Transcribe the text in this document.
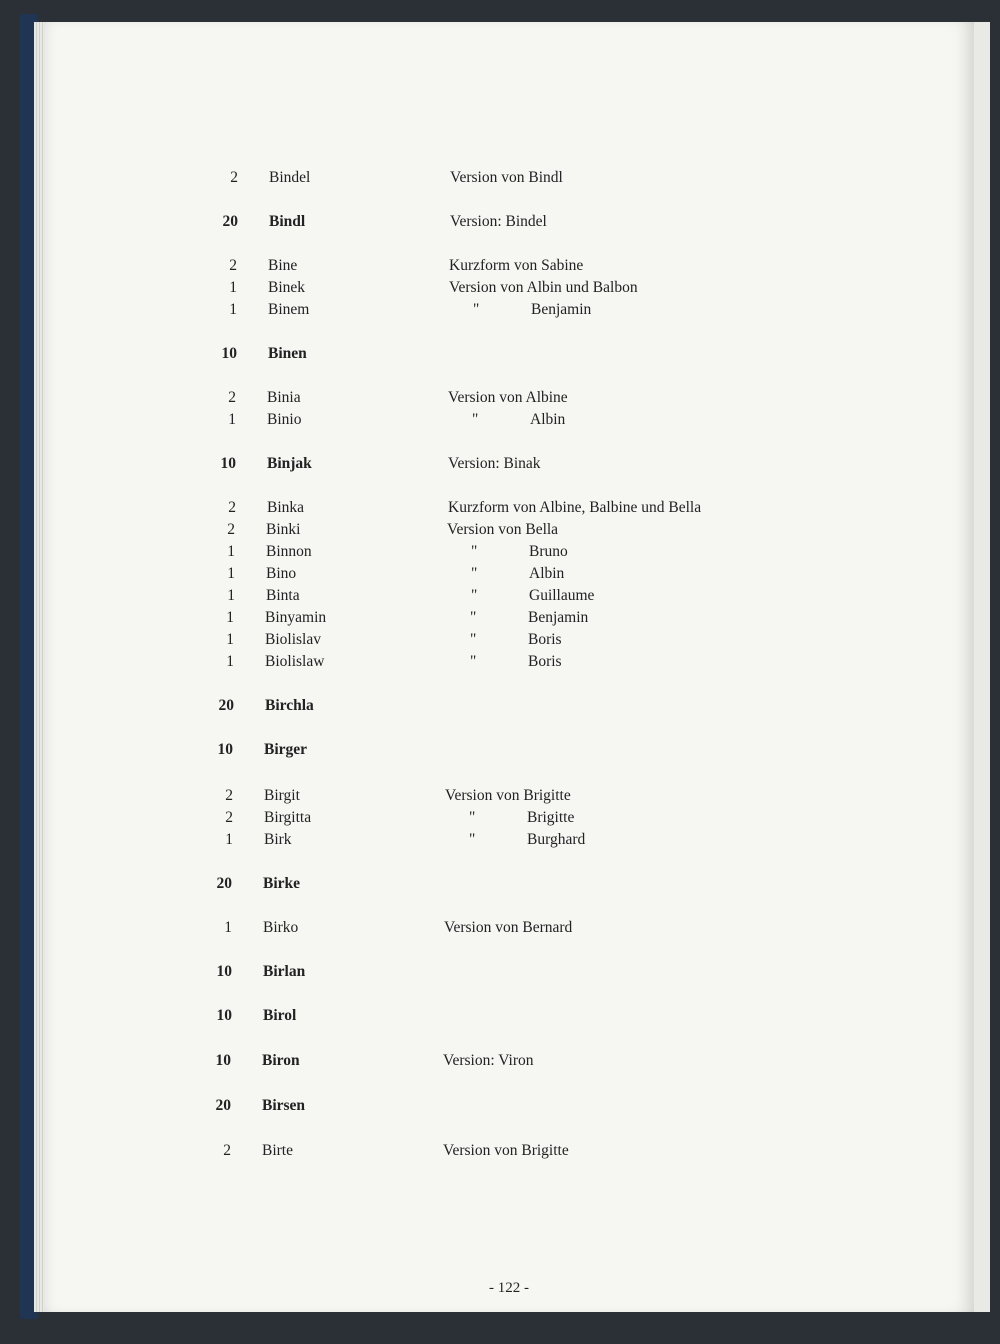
2 Bindel	Version von Bindl
20 Bindl	Version: Bindel
2 Bine	Kurzform von Sabine
1 Binek	Version von Albin und Balbon
1 Binem	"	Benjamin
10 Binen
2 Binia	Version von Albine
1 Binio	"	Albin
10 Binjak	Version: Binak
2 Binka	Kurzform von Albine, Balbine und Bella
2 Binki	Version von Bella
1 Binnon	"	Bruno
1 Bino	"	Albin
1 Binta	"	Guillaume
1 Binyamin	"	Benjamin
1 Biolislav	"	Boris
1 Biolislaw	"	Boris
20 Birchla
10 Birger
2 Birgit	Version von Brigitte
2 Birgitta	"	Brigitte
1 Birk	"	Burghard
20 Birke
1 Birko	Version von Bernard
10 Birlan
10 Birol
10 Biron	Version: Viron
20 Birsen
2 Birte	Version von Brigitte
- 122 -
